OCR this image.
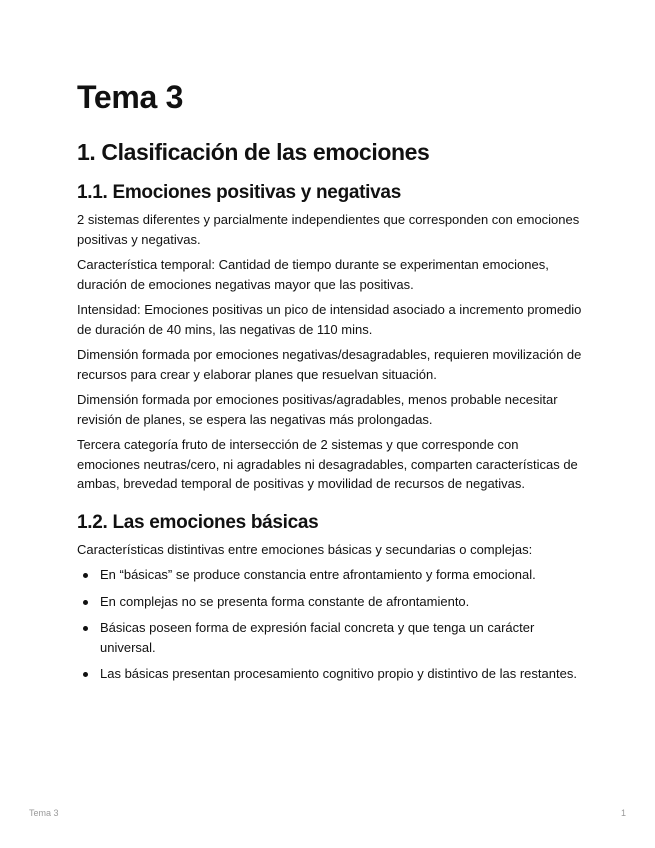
Tema 3
1. Clasificación de las emociones
1.1. Emociones positivas y negativas

2 sistemas diferentes y parcialmente independientes que corresponden con emociones positivas y negativas.

Característica temporal: Cantidad de tiempo durante se experimentan emociones, duración de emociones negativas mayor que las positivas.

Intensidad: Emociones positivas un pico de intensidad asociado a incremento promedio de duración de 40 mins, las negativas de 110 mins.

Dimensión formada por emociones negativas/desagradables, requieren movilización de recursos para crear y elaborar planes que resuelvan situación.

Dimensión formada por emociones positivas/agradables, menos probable necesitar revisión de planes, se espera las negativas más prolongadas.

Tercera categoría fruto de intersección de 2 sistemas y que corresponde con emociones neutras/cero, ni agradables ni desagradables, comparten características de ambas, brevedad temporal de positivas y movilidad de recursos de negativas.

1.2. Las emociones básicas

Características distintivas entre emociones básicas y secundarias o complejas:

En “básicas” se produce constancia entre afrontamiento y forma emocional.
En complejas no se presenta forma constante de afrontamiento.
Básicas poseen forma de expresión facial concreta y que tenga un carácter universal.
Las básicas presentan procesamiento cognitivo propio y distintivo de las restantes.
Tema 3	1
